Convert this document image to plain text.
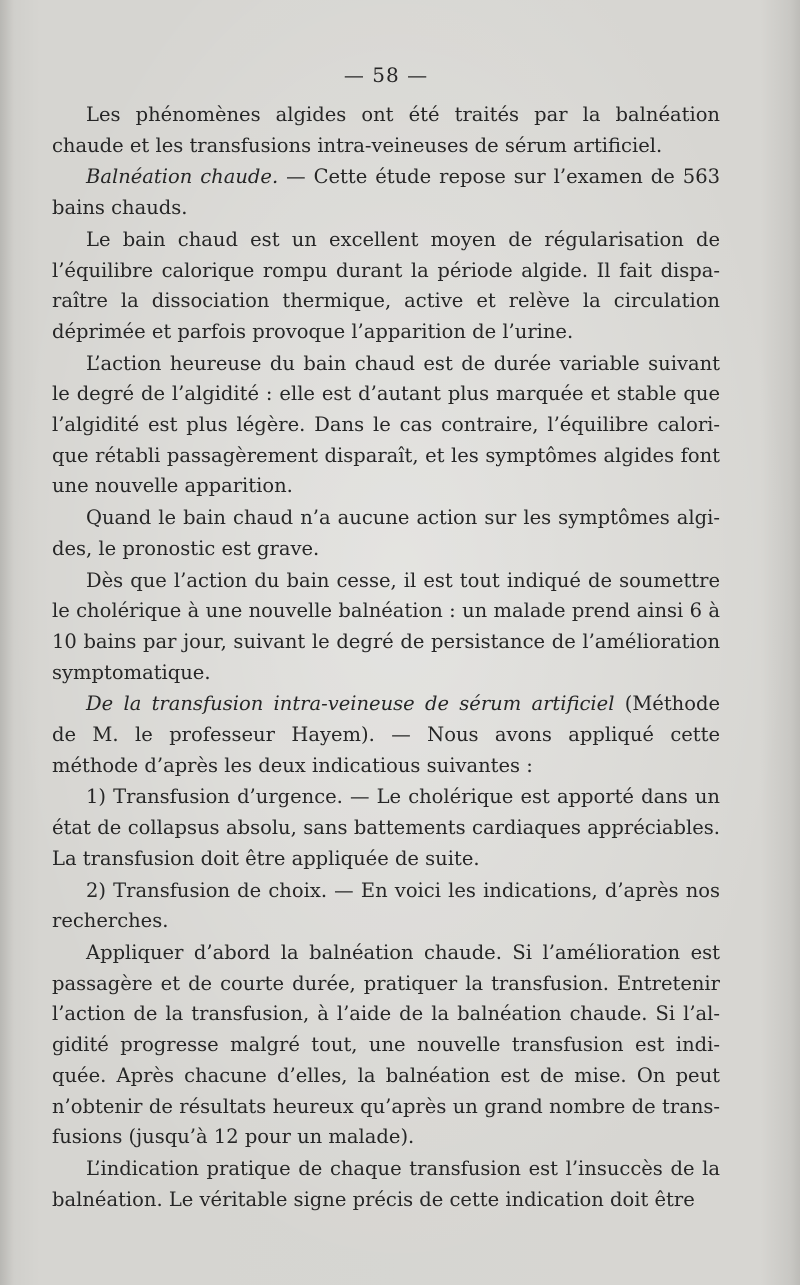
— 58 —

Les phénomènes algides ont été traités par la balnéation chaude et les transfusions intra-veineuses de sérum artificiel.

Balnéation chaude. — Cette étude repose sur l’examen de 563 bains chauds.

Le bain chaud est un excellent moyen de régularisation de l’équilibre calorique rompu durant la période algide. Il fait disparaître la dissociation thermique, active et relève la circulation déprimée et parfois provoque l’apparition de l’urine.

L’action heureuse du bain chaud est de durée variable suivant le degré de l’algidité : elle est d’autant plus marquée et stable que l’algidité est plus légère. Dans le cas contraire, l’équilibre calorique rétabli passagèrement disparaît, et les symptômes algides font une nouvelle apparition.

Quand le bain chaud n’a aucune action sur les symptômes algides, le pronostic est grave.

Dès que l’action du bain cesse, il est tout indiqué de soumettre le cholérique à une nouvelle balnéation : un malade prend ainsi 6 à 10 bains par jour, suivant le degré de persistance de l’amélioration symptomatique.

De la transfusion intra-veineuse de sérum artificiel (Méthode de M. le professeur Hayem). — Nous avons appliqué cette méthode d’après les deux indicatious suivantes :

1) Transfusion d’urgence. — Le cholérique est apporté dans un état de collapsus absolu, sans battements cardiaques appréciables. La transfusion doit être appliquée de suite.

2) Transfusion de choix. — En voici les indications, d’après nos recherches.

Appliquer d’abord la balnéation chaude. Si l’amélioration est passagère et de courte durée, pratiquer la transfusion. Entretenir l’action de la transfusion, à l’aide de la balnéation chaude. Si l’algidité progresse malgré tout, une nouvelle transfusion est indiquée. Après chacune d’elles, la balnéation est de mise. On peut n’obtenir de résultats heureux qu’après un grand nombre de transfusions (jusqu’à 12 pour un malade).

L’indication pratique de chaque transfusion est l’insuccès de la balnéation. Le véritable signe précis de cette indication doit être
